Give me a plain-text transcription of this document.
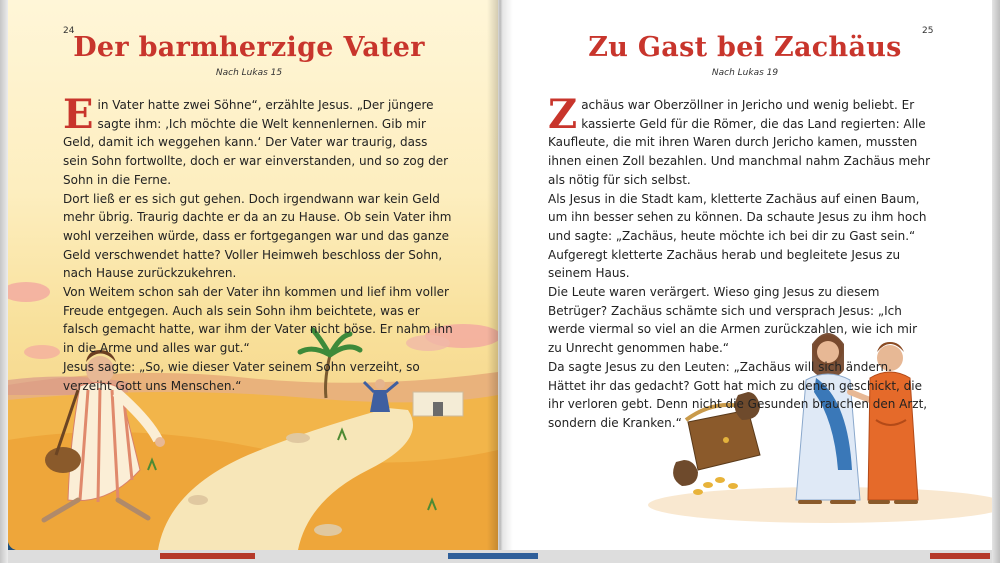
24
Der barmherzige Vater
Nach Lukas 15

Ein Vater hatte zwei Söhne“, erzählte Jesus. „Der jüngere sagte ihm: ‚Ich möchte die Welt kennenlernen. Gib mir Geld, damit ich weggehen kann.‘ Der Vater war traurig, dass sein Sohn fortwollte, doch er war einverstanden, und so zog der Sohn in die Ferne.

Dort ließ er es sich gut gehen. Doch irgendwann war kein Geld mehr übrig. Traurig dachte er da an zu Hause. Ob sein Vater ihm wohl verzeihen würde, dass er fortgegangen war und das ganze Geld verschwendet hatte? Voller Heimweh beschloss der Sohn, nach Hause zurückzukehren.

Von Weitem schon sah der Vater ihn kommen und lief ihm voller Freude entgegen. Auch als sein Sohn ihm beichtete, was er falsch gemacht hatte, war ihm der Vater nicht böse. Er nahm ihn in die Arme und alles war gut.“

Jesus sagte: „So, wie dieser Vater seinem Sohn verzeiht, so verzeiht Gott uns Menschen.“

25
Zu Gast bei Zachäus
Nach Lukas 19

Zachäus war Oberzöllner in Jericho und wenig beliebt. Er kassierte Geld für die Römer, die das Land regierten: Alle Kaufleute, die mit ihren Waren durch Jericho kamen, mussten ihnen einen Zoll bezahlen. Und manchmal nahm Zachäus mehr als nötig für sich selbst.

Als Jesus in die Stadt kam, kletterte Zachäus auf einen Baum, um ihn besser sehen zu können. Da schaute Jesus zu ihm hoch und sagte: „Zachäus, heute möchte ich bei dir zu Gast sein.“ Aufgeregt kletterte Zachäus herab und begleitete Jesus zu seinem Haus.

Die Leute waren verärgert. Wieso ging Jesus zu diesem Betrüger? Zachäus schämte sich und versprach Jesus: „Ich werde viermal so viel an die Armen zurückzahlen, wie ich mir zu Unrecht genommen habe.“

Da sagte Jesus zu den Leuten: „Zachäus will sich ändern. Hättet ihr das gedacht? Gott hat mich zu denen geschickt, die ihr verloren gebt. Denn nicht die Gesunden brauchen den Arzt, sondern die Kranken.“
